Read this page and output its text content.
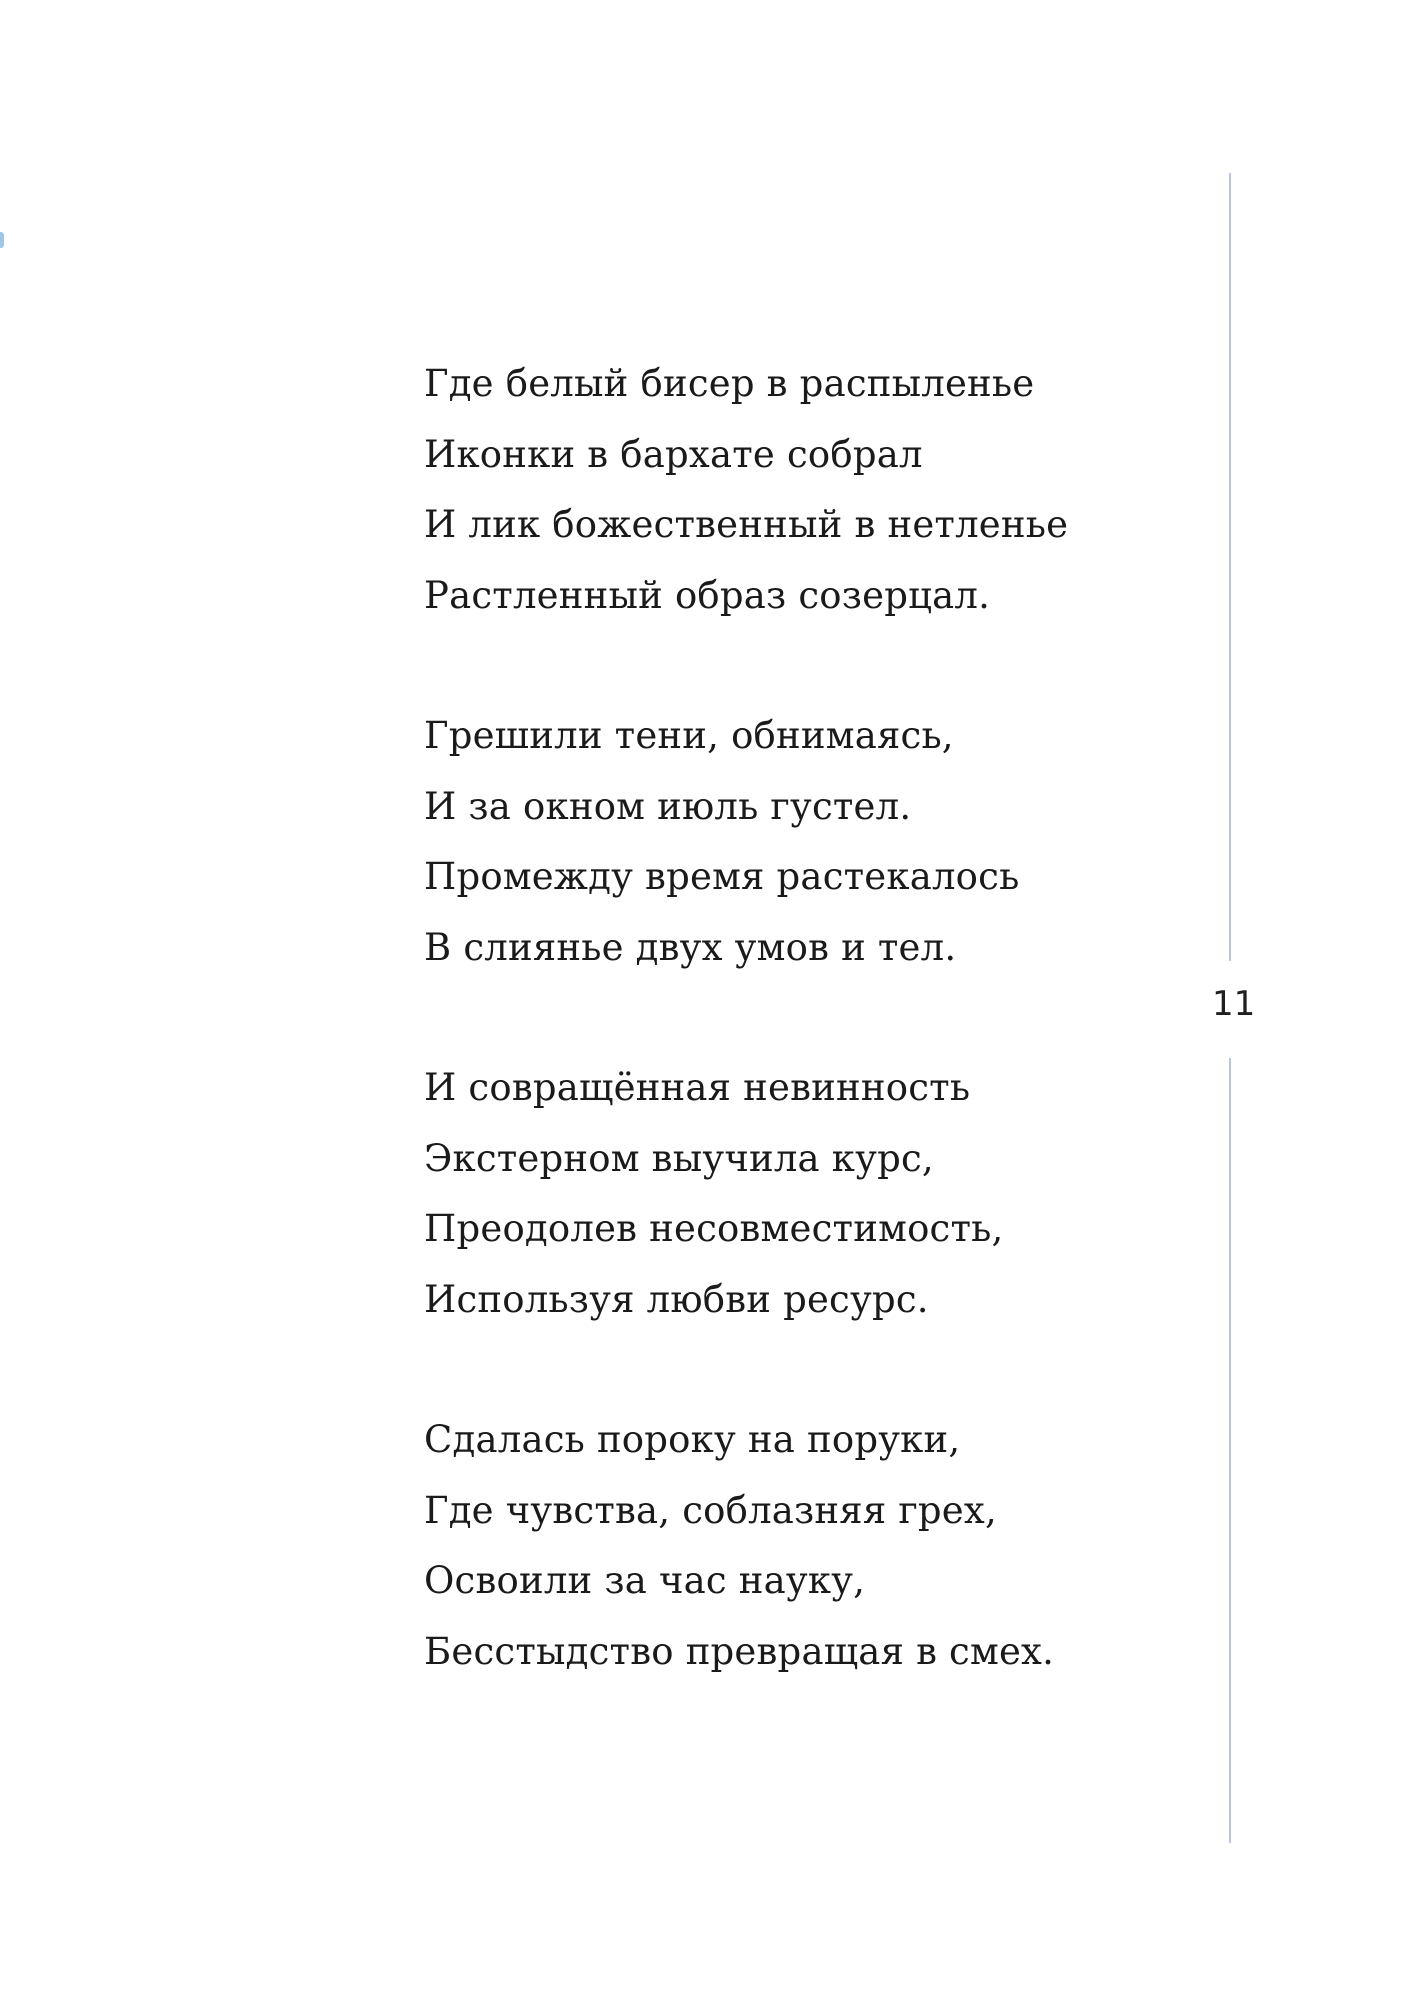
Где белый бисер в распыленье
Иконки в бархате собрал
И лик божественный в нетленье
Растленный образ созерцал.
Грешили тени, обнимаясь,
И за окном июль густел.
Промежду время растекалось
В слиянье двух умов и тел.
И совращённая невинность
Экстерном выучила курс,
Преодолев несовместимость,
Используя любви ресурс.
Сдалась пороку на поруки,
Где чувства, соблазняя грех,
Освоили за час науку,
Бесстыдство превращая в смех.
11
